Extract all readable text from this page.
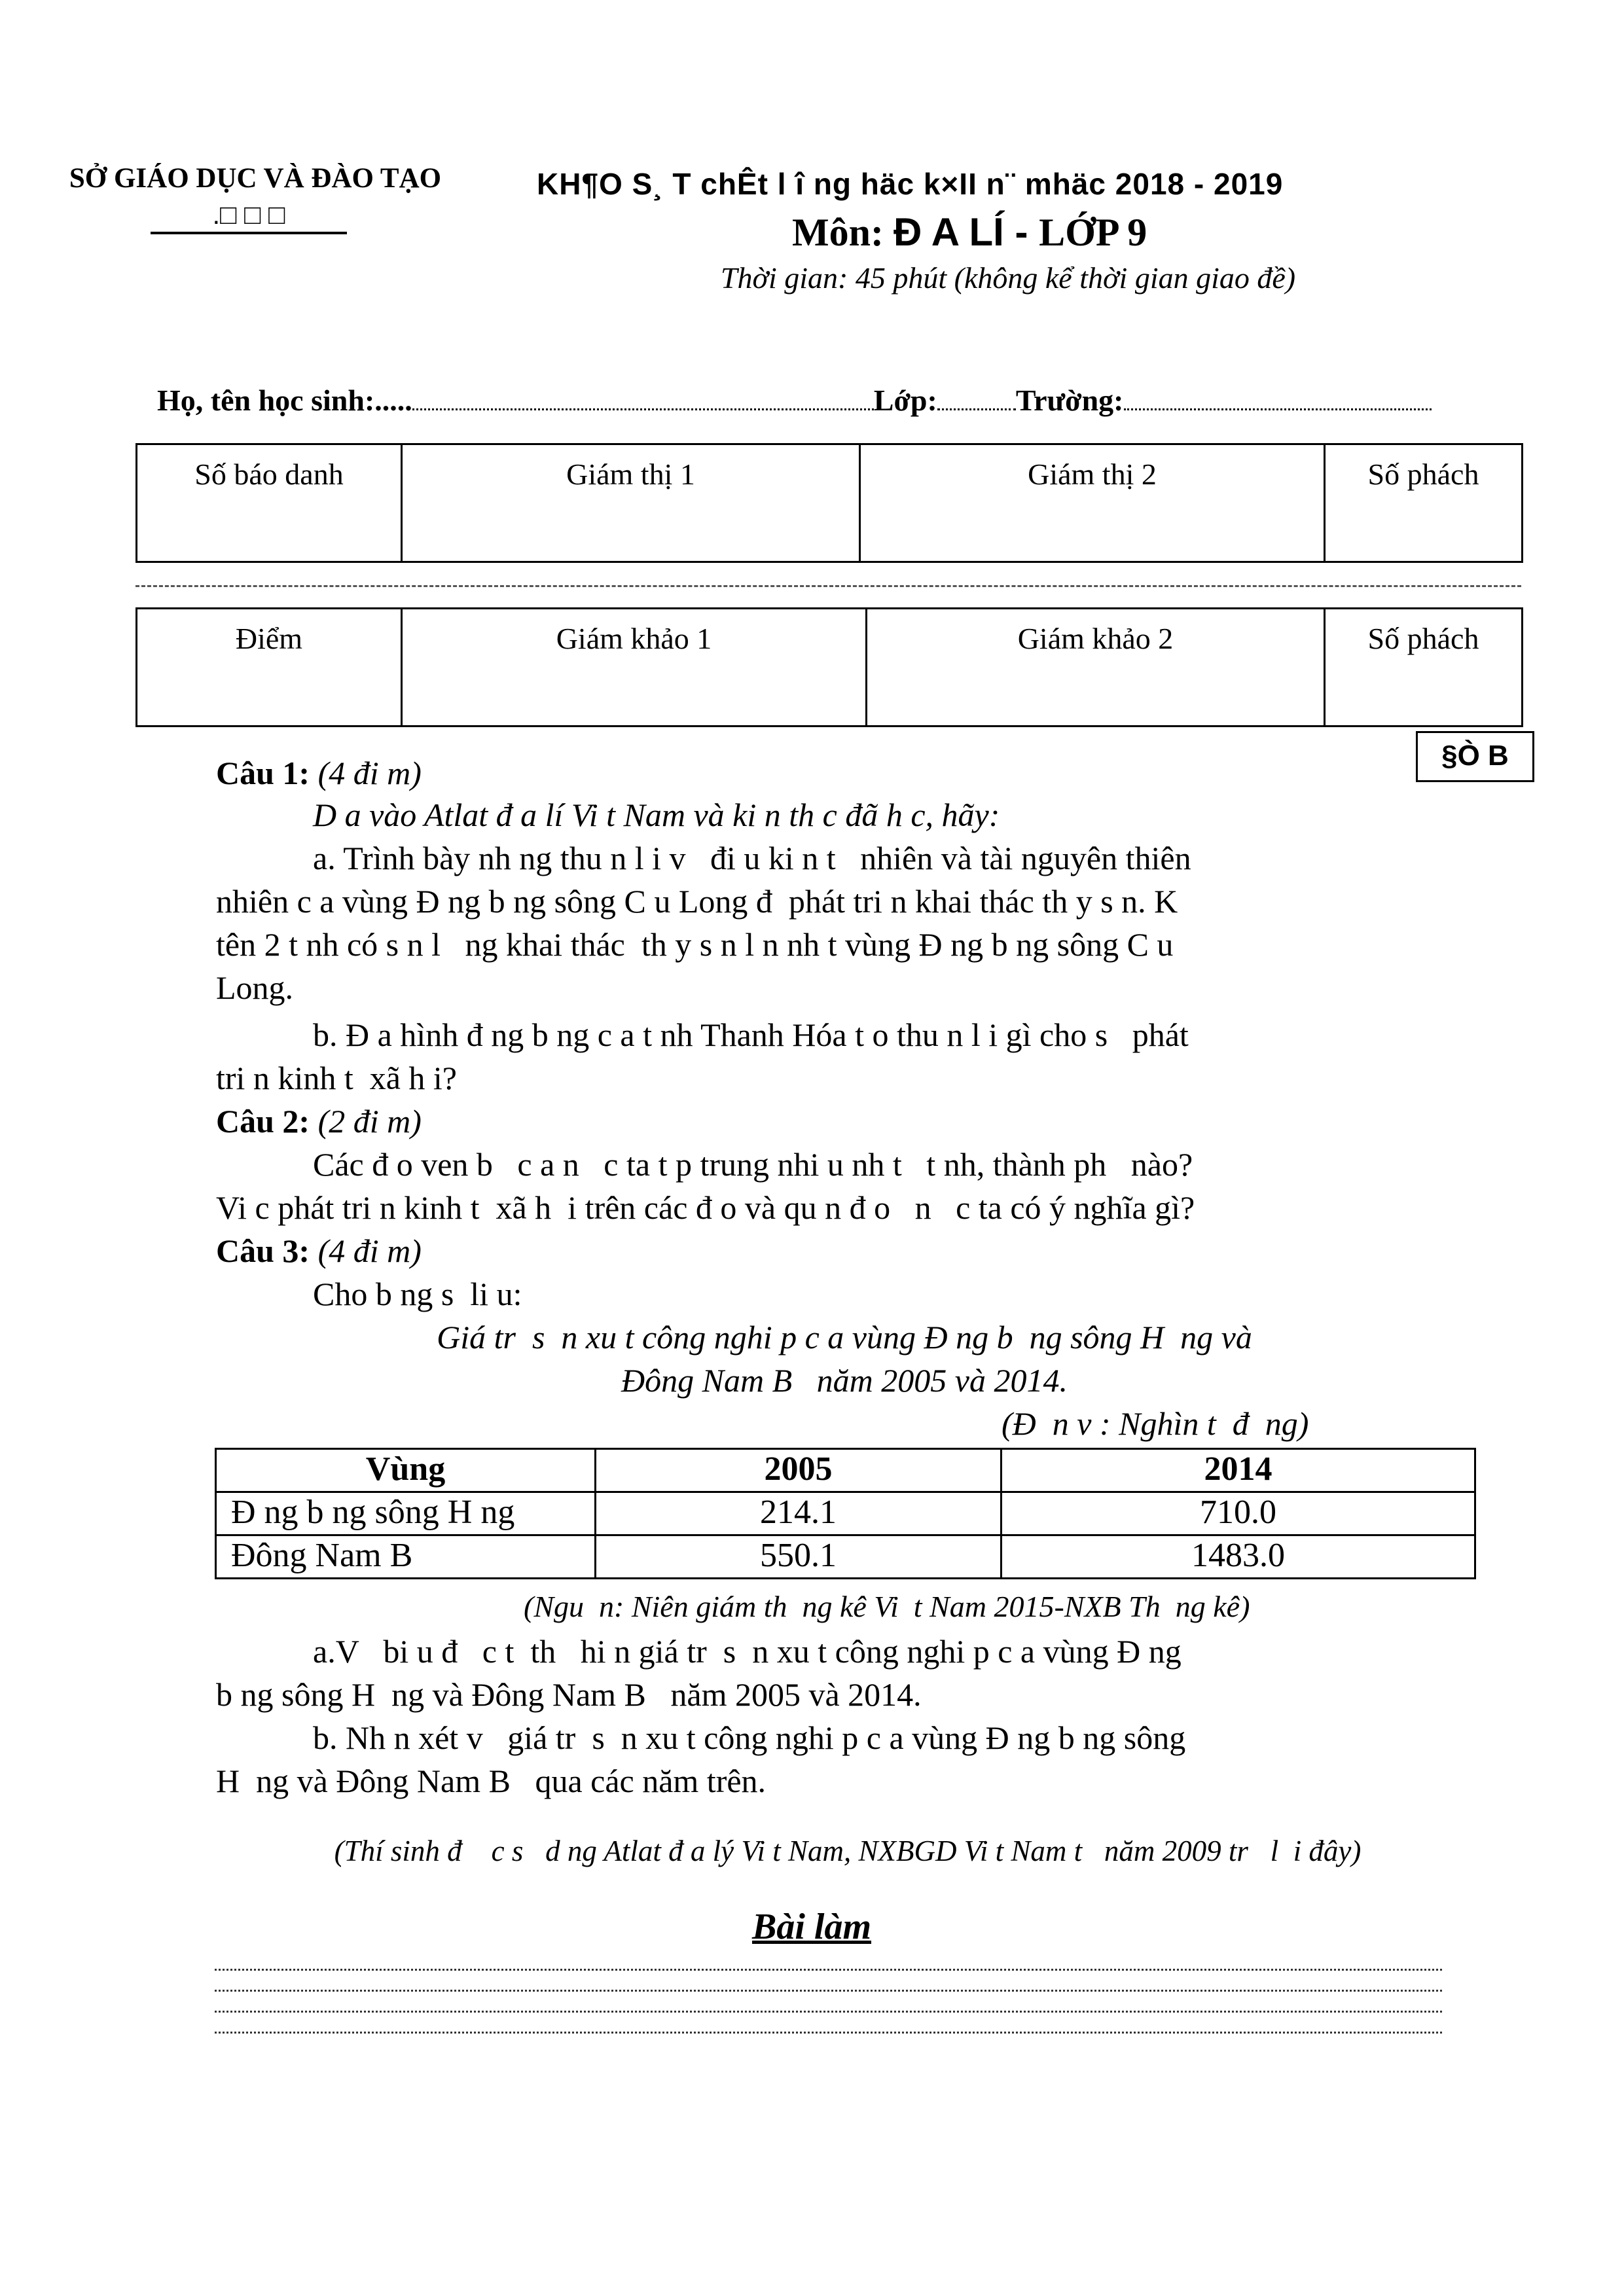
SỞ GIÁO DỤC VÀ ĐÀO TẠO
.□ □ □
KH¶O S¸ T chÊt l î ng häc k×II n¨ mhäc 2018 - 2019
Môn: Đ A LÍ - LỚP 9
Thời gian: 45 phút (không kể thời gian giao đề)
Họ, tên học sinh:.....	Lớp:	Trường:
Số báo danh	Giám thị 1	Giám thị 2	Số phách
Điểm	Giám khảo 1	Giám khảo 2	Số phách
§Ò B
Câu 1: (4 đi m)
D a vào Atlat đ a lí Vi t Nam và ki n th c đã h c, hãy:
a. Trình bày nh ng thu n l i v   đi u ki n t   nhiên và tài nguyên thiên
nhiên c a vùng Đ ng b ng sông C u Long đ  phát tri n khai thác th y s n. K
tên 2 t nh có s n l   ng khai thác  th y s n l n nh t vùng Đ ng b ng sông C u
Long.
b. Đ a hình đ ng b ng c a t nh Thanh Hóa t o thu n l i gì cho s   phát
tri n kinh t  xã h i?
Câu 2: (2 đi m)
Các đ o ven b   c a n   c ta t p trung nhi u nh t   t nh, thành ph   nào?
Vi c phát tri n kinh t  xã h  i trên các đ o và qu n đ o   n   c ta có ý nghĩa gì?
Câu 3: (4 đi m)
Cho b ng s  li u:
Giá tr  s  n xu t công nghi p c a vùng Đ ng b  ng sông H  ng và
Đông Nam B   năm 2005 và 2014.
(Đ  n v : Nghìn t  đ  ng)
Vùng	2005	2014
Đ ng b ng sông H ng	214.1	710.0
Đông Nam B	550.1	1483.0
(Ngu  n: Niên giám th  ng kê Vi  t Nam 2015-NXB Th  ng kê)
a.V   bi u đ   c t  th   hi n giá tr  s  n xu t công nghi p c a vùng Đ ng
b ng sông H  ng và Đông Nam B   năm 2005 và 2014.
b. Nh n xét v   giá tr  s  n xu t công nghi p c a vùng Đ ng b ng sông
H  ng và Đông Nam B   qua các năm trên.
(Thí sinh đ    c s   d ng Atlat đ a lý Vi t Nam, NXBGD Vi t Nam t   năm 2009 tr   l  i đây)
Bài làm
